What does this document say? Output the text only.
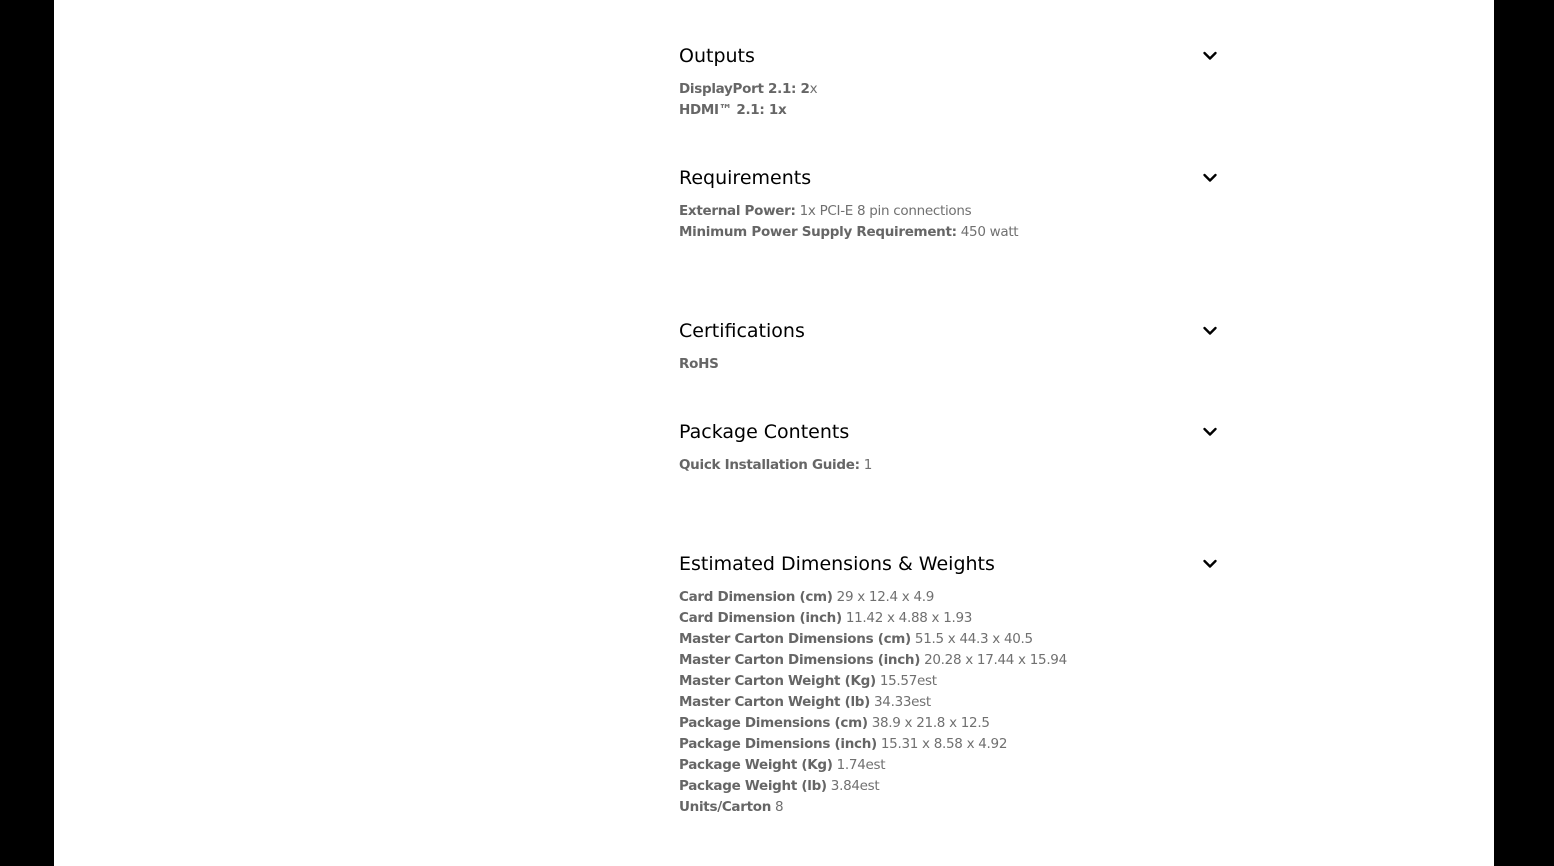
Outputs
DisplayPort 2.1: 2x
HDMI™ 2.1: 1x
Requirements
External Power: 1x PCI-E 8 pin connections
Minimum Power Supply Requirement: 450 watt
Certifications
RoHS
Package Contents
Quick Installation Guide: 1
Estimated Dimensions & Weights
Card Dimension (cm) 29 x 12.4 x 4.9
Card Dimension (inch) 11.42 x 4.88 x 1.93
Master Carton Dimensions (cm) 51.5 x 44.3 x 40.5
Master Carton Dimensions (inch) 20.28 x 17.44 x 15.94
Master Carton Weight (Kg) 15.57est
Master Carton Weight (lb) 34.33est
Package Dimensions (cm) 38.9 x 21.8 x 12.5
Package Dimensions (inch) 15.31 x 8.58 x 4.92
Package Weight (Kg) 1.74est
Package Weight (lb) 3.84est
Units/Carton 8
